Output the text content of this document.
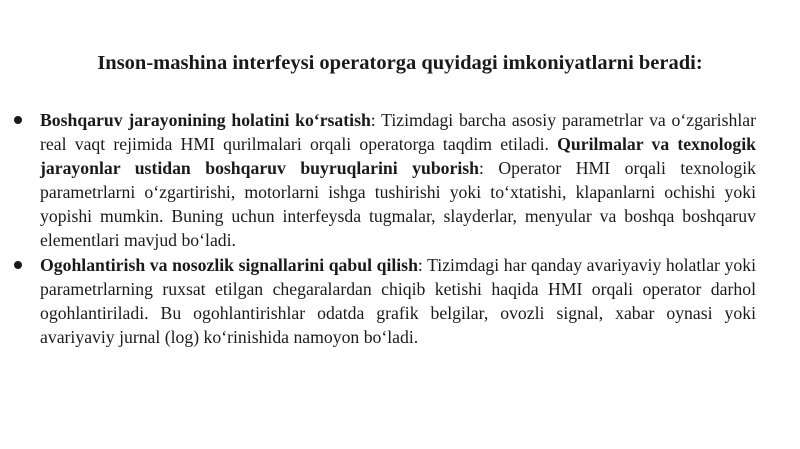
Inson-mashina interfeysi operatorga quyidagi imkoniyatlarni beradi:
Boshqaruv jarayonining holatini ko‘rsatish: Tizimdagi barcha asosiy parametrlar va o‘zgarishlar real vaqt rejimida HMI qurilmalari orqali operatorga taqdim etiladi. Qurilmalar va texnologik jarayonlar ustidan boshqaruv buyruqlarini yuborish: Operator HMI orqali texnologik parametrlarni o‘zgartirishi, motorlarni ishga tushirishi yoki to‘xtatishi, klapanlarni ochishi yoki yopishi mumkin. Buning uchun interfeysda tugmalar, slayderlar, menyular va boshqa boshqaruv elementlari mavjud bo‘ladi.
Ogohlantirish va nosozlik signallarini qabul qilish: Tizimdagi har qanday avariyaviy holatlar yoki parametrlarning ruxsat etilgan chegaralardan chiqib ketishi haqida HMI orqali operator darhol ogohlantiriladi. Bu ogohlantirishlar odatda grafik belgilar, ovozli signal, xabar oynasi yoki avariyaviy jurnal (log) ko‘rinishida namoyon bo‘ladi.
